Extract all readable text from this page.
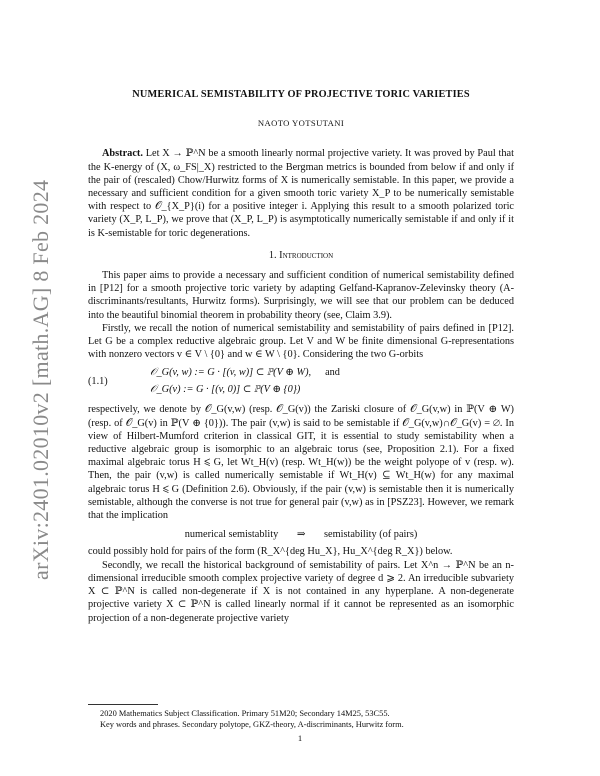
arXiv:2401.02010v2 [math.AG] 8 Feb 2024
NUMERICAL SEMISTABILITY OF PROJECTIVE TORIC VARIETIES
NAOTO YOTSUTANI
Abstract. Let X → ℙ^N be a smooth linearly normal projective variety. It was proved by Paul that the K-energy of (X, ω_FS|_X) restricted to the Bergman metrics is bounded from below if and only if the pair of (rescaled) Chow/Hurwitz forms of X is numerically semistable. In this paper, we provide a necessary and sufficient condition for a given smooth toric variety X_P to be numerically semistable with respect to 𝒪_{X_P}(i) for a positive integer i. Applying this result to a smooth polarized toric variety (X_P, L_P), we prove that (X_P, L_P) is asymptotically numerically semistable if and only if it is K-semistable for toric degenerations.
1. Introduction

This paper aims to provide a necessary and sufficient condition of numerical semistability defined in [P12] for a smooth projective toric variety by adapting Gelfand-Kapranov-Zelevinsky theory (A-discriminants/resultants, Hurwitz forms). Surprisingly, we will see that our problem can be deduced into the beautiful binomial theorem in probability theory (see, Claim 3.9).

Firstly, we recall the notion of numerical semistability and semistability of pairs defined in [P12]. Let G be a complex reductive algebraic group. Let V and W be finite dimensional G-representations with nonzero vectors v ∈ V \ {0} and w ∈ W \ {0}. Considering the two G-orbits

(1.1)
𝒪_G(v, w) := G · [(v, w)] ⊂ ℙ(V ⊕ W), and
𝒪_G(v) := G · [(v, 0)] ⊂ ℙ(V ⊕ {0})

respectively, we denote by 𝒪_G(v,w) (resp. 𝒪_G(v)) the Zariski closure of 𝒪_G(v,w) in ℙ(V ⊕ W) (resp. of 𝒪_G(v) in ℙ(V ⊕ {0})). The pair (v,w) is said to be semistable if 𝒪_G(v,w)∩𝒪_G(v) = ∅. In view of Hilbert-Mumford criterion in classical GIT, it is essential to study semistability when a reductive algebraic group is isomorphic to an algebraic torus (see, Proposition 2.1). For a fixed maximal algebraic torus H ⩽ G, let Wt_H(v) (resp. Wt_H(w)) be the weight polyope of v (resp. w). Then, the pair (v,w) is called numerically semistable if Wt_H(v) ⊆ Wt_H(w) for any maximal algebraic torus H ⩽ G (Definition 2.6). Obviously, if the pair (v,w) is semistable then it is numerically semistable, although the converse is not true for general pair (v,w) as in [PSZ23]. However, we remark that the implication

numerical semistablity ⇒ semistability (of pairs)

could possibly hold for pairs of the form (R_X^{deg Hu_X}, Hu_X^{deg R_X}) below.

Secondly, we recall the historical background of semistability of pairs. Let X^n → ℙ^N be an n-dimensional irreducible smooth complex projective variety of degree d ⩾ 2. An irreducible subvariety X ⊂ ℙ^N is called non-degenerate if X is not contained in any hyperplane. A non-degenerate projective variety X ⊂ ℙ^N is called linearly normal if it cannot be represented as an isomorphic projection of a non-degenerate projective variety

2020 Mathematics Subject Classification. Primary 51M20; Secondary 14M25, 53C55.
Key words and phrases. Secondary polytope, GKZ-theory, A-discriminants, Hurwitz form.
1
